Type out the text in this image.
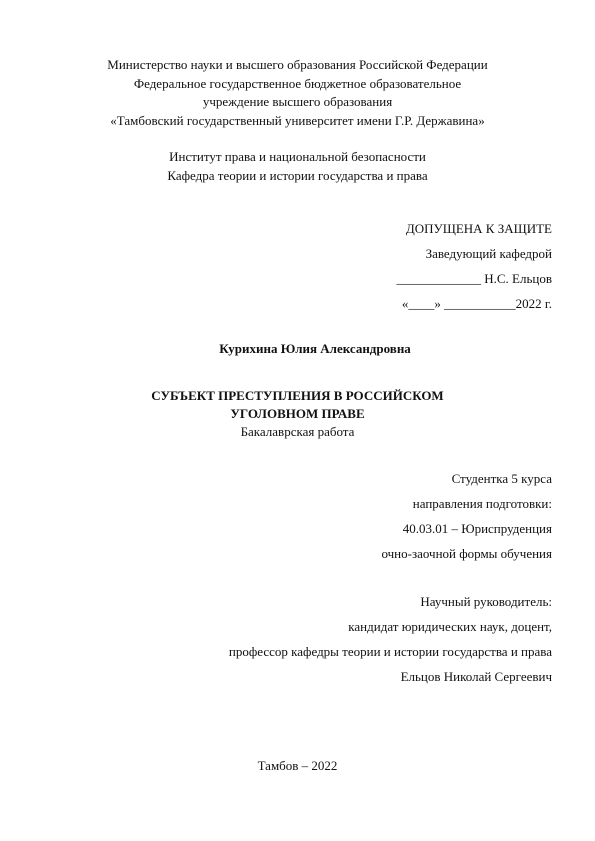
Министерство науки и высшего образования Российской Федерации
Федеральное государственное бюджетное образовательное
учреждение высшего образования
«Тамбовский государственный университет имени Г.Р. Державина»
Институт права и национальной безопасности
Кафедра теории и истории государства и права
ДОПУЩЕНА К ЗАЩИТЕ
Заведующий кафедрой
_____________ Н.С. Ельцов
«____» ___________2022 г.
Курихина Юлия Александровна
СУБЪЕКТ ПРЕСТУПЛЕНИЯ В РОССИЙСКОМ
УГОЛОВНОМ ПРАВЕ
Бакалаврская работа
Студентка 5 курса
направления подготовки:
40.03.01 – Юриспруденция
очно-заочной формы обучения
Научный руководитель:
кандидат юридических наук, доцент,
профессор кафедры теории и истории государства и права
Ельцов Николай Сергеевич
Тамбов – 2022
